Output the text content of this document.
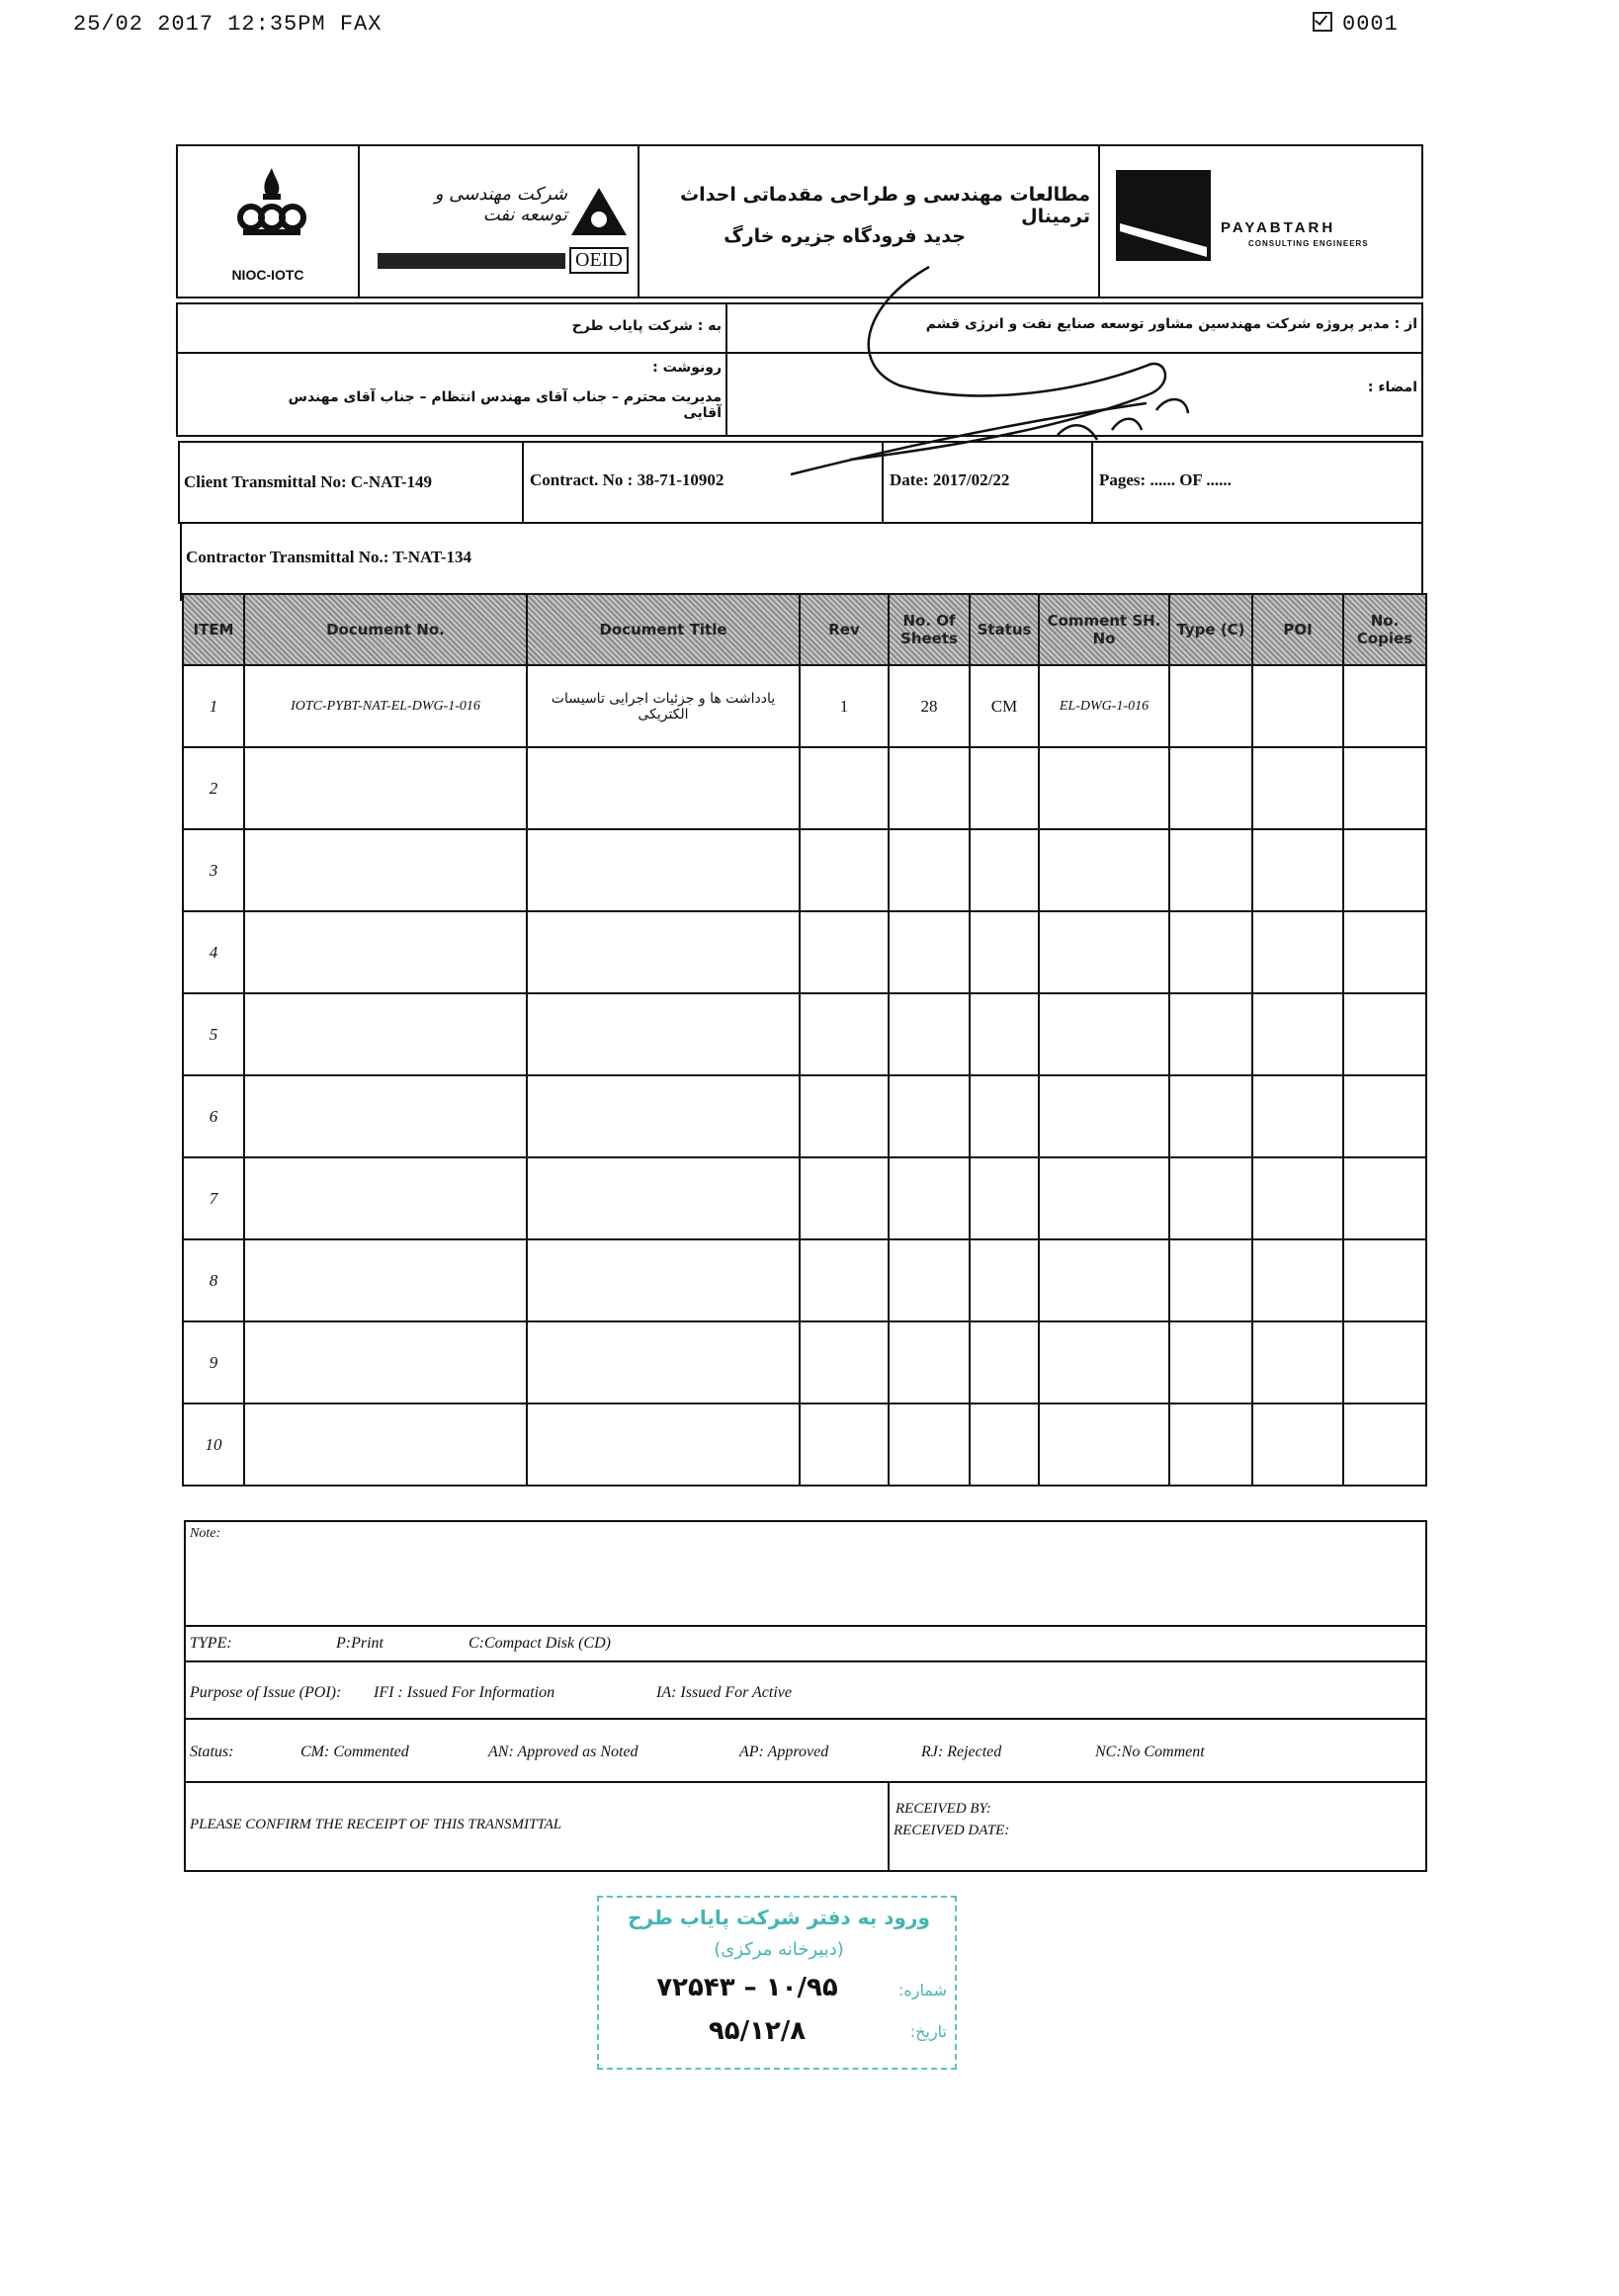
25/02 2017 12:35PM FAX	0001
NIOC-IOTC
شرکت مهندسی و توسعه نفت
OEID
مطالعات مهندسی و طراحی مقدماتی احداث ترمینال
جدید فرودگاه جزیره خارگ	PAYABTARH
CONSULTING ENGINEERS
به : شرکت پایاب طرح	از : مدیر پروژه شرکت مهندسین مشاور توسعه صنایع نفت و انرژی قشم
رونوشت :
مدیریت محترم – جناب آقای مهندس انتظام – جناب آقای مهندس آقایی
امضاء :
Client Transmittal No: C-NAT-149	Contract. No : 38-71-10902	Date: 2017/02/22	Pages: ...... OF ......
Contractor Transmittal No.: T-NAT-134
ITEM	Document No.	Document Title	Rev	No. Of Sheets	Status	Comment SH. No	Type (C)	POI	No. Copies
1	IOTC-PYBT-NAT-EL-DWG-1-016	یادداشت ها و جزئیات اجرایی تاسیسات الکتریکی	1	28	CM	EL-DWG-1-016			
2									
3									
4									
5									
6									
7									
8									
9									
10									
Note:
TYPE:	P:Print	C:Compact Disk (CD)
Purpose of Issue (POI): IFI : Issued For Information	IA: Issued For Active
Status:	CM: Commented	AN: Approved as Noted	AP: Approved	RJ: Rejected	NC:No Comment
PLEASE CONFIRM THE RECEIPT OF THIS TRANSMITTAL
RECEIVED BY:
RECEIVED DATE:
ورود به دفتر شرکت پایاب طرح
(دبیرخانه مرکزی)
شماره:
۱۰/۹۵ – ۷۲۵۴۳
تاریخ:
۹۵/۱۲/۸
